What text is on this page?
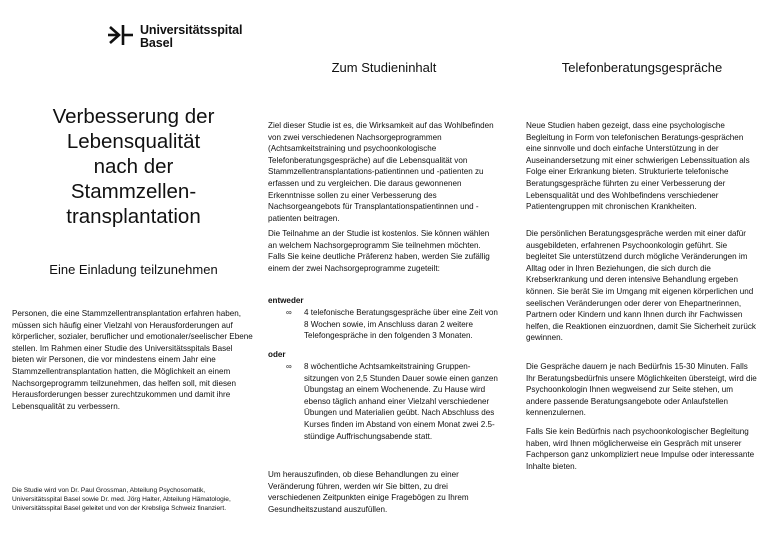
Universitätsspital
Basel
Verbesserung der
Lebensqualität
nach der
Stammzellen-
transplantation
Eine Einladung teilzunehmen

Personen, die eine Stammzellentransplantation erfahren haben, müssen sich häufig einer Vielzahl von Herausforderungen auf körperlicher, sozialer, beruflicher und emotionaler/seelischer Ebene stellen. Im Rahmen einer Studie des Universitätsspitals Basel bieten wir Personen, die vor mindestens einem Jahr eine Stammzellentransplantation hatten, die Möglichkeit an einem Nachsorgeprogramm teilzunehmen, das helfen soll, mit diesen Herausforderungen besser zurechtzukommen und damit ihre Lebensqualität zu verbessern.

Die Studie wird von Dr. Paul Grossman, Abteilung Psychosomatik, Universitätsspital Basel sowie Dr. med. Jörg Halter, Abteilung Hämatologie, Universitätsspital Basel geleitet und von der Krebsliga Schweiz finanziert.

Zum Studieninhalt

Ziel dieser Studie ist es, die Wirksamkeit auf das Wohlbefinden von zwei verschiedenen Nachsorgeprogrammen (Achtsamkeitstraining und psychoonkologische Telefonberatungsgespräche) auf die Lebensqualität von Stammzellentransplantations-patientinnen und -patienten zu erfassen und zu vergleichen. Die daraus gewonnenen Erkenntnisse sollen zu einer Verbesserung des Nachsorgeangebots für Transplantationspatientinnen und -patienten beitragen.

Die Teilnahme an der Studie ist kostenlos. Sie können wählen an welchem Nachsorgeprogramm Sie teilnehmen möchten. Falls Sie keine deutliche Präferenz haben, werden Sie zufällig einem der zwei Nachsorgeprogramme zugeteilt:

entweder

∞ 4 telefonische Beratungsgespräche über eine Zeit von 8 Wochen sowie, im Anschluss daran 2 weitere Telefongespräche in den folgenden 3 Monaten.

oder

∞ 8 wöchentliche Achtsamkeitstraining Gruppen-sitzungen von 2,5 Stunden Dauer sowie einen ganzen Übungstag an einem Wochenende. Zu Hause wird ebenso täglich anhand einer Vielzahl verschiedener Übungen und Materialien geübt. Nach Abschluss des Kurses finden im Abstand von einem Monat zwei 2.5-stündige Auffrischungsabende statt.

Um herauszufinden, ob diese Behandlungen zu einer Veränderung führen, werden wir Sie bitten, zu drei verschiedenen Zeitpunkten einige Fragebögen zu Ihrem Gesundheitszustand auszufüllen.

Telefonberatungsgespräche

Neue Studien haben gezeigt, dass eine psychologische Begleitung in Form von telefonischen Beratungs-gesprächen eine sinnvolle und doch einfache Unterstützung in der Auseinandersetzung mit einer schwierigen Lebenssituation als Folge einer Erkrankung bieten. Strukturierte telefonische Beratungsgespräche führten zu einer Verbesserung der Lebensqualität und des Wohlbefindens verschiedener Patientengruppen mit chronischen Krankheiten.

Die persönlichen Beratungsgespräche werden mit einer dafür ausgebildeten, erfahrenen Psychoonkologin geführt. Sie begleitet Sie unterstützend durch mögliche Veränderungen im Alltag oder in Ihren Beziehungen, die sich durch die Krebserkrankung und deren intensive Behandlung ergeben können. Sie berät Sie im Umgang mit eigenen körperlichen und seelischen Veränderungen oder derer von Ehepartnerinnen, Partnern oder Kindern und kann Ihnen durch ihr Fachwissen helfen, die Reaktionen einzuordnen, damit Sie Sicherheit zurück gewinnen.

Die Gespräche dauern je nach Bedürfnis 15-30 Minuten. Falls Ihr Beratungsbedürfnis unsere Möglichkeiten übersteigt, wird die Psychoonkologin Ihnen wegweisend zur Seite stehen, um andere passende Beratungsangebote oder Anlaufstellen kennenzulernen.

Falls Sie kein Bedürfnis nach psychoonkologischer Begleitung haben, wird Ihnen möglicherweise ein Gespräch mit unserer Fachperson ganz unkompliziert neue Impulse oder interessante Inhalte bieten.
